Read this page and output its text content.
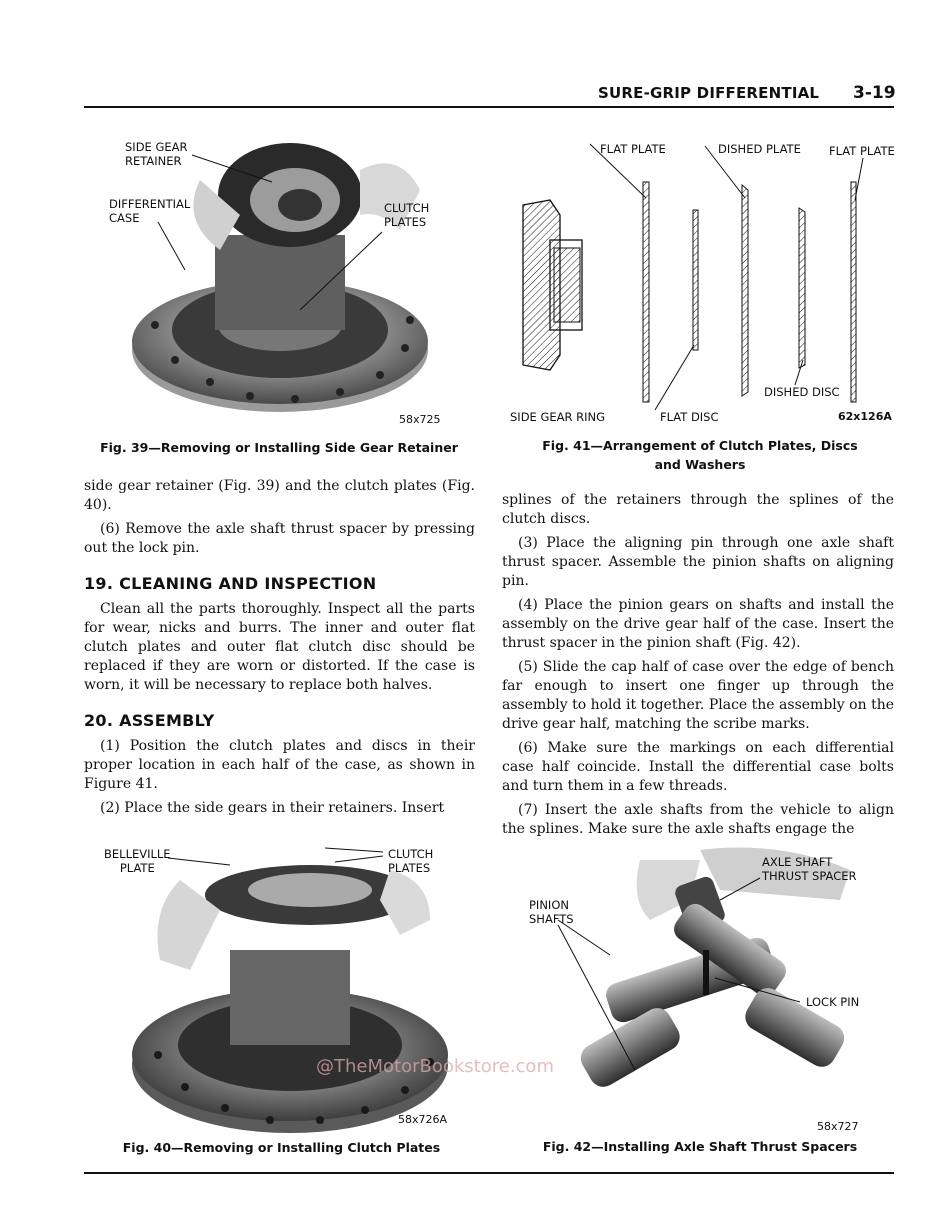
SURE-GRIP DIFFERENTIAL 3-19
SIDE GEAR
RETAINER
DIFFERENTIAL
CASE
CLUTCH
PLATES
58x725
Fig. 39—Removing or Installing Side Gear Retainer
FLAT PLATE	DISHED PLATE FLAT PLATE
DISHED DISC
SIDE GEAR RING	FLAT DISC	62x126A
Fig. 41—Arrangement of Clutch Plates, Discs
and Washers

side gear retainer (Fig. 39) and the clutch plates (Fig. 40).

(6) Remove the axle shaft thrust spacer by pressing out the lock pin.

19. CLEANING AND INSPECTION

Clean all the parts thoroughly. Inspect all the parts for wear, nicks and burrs. The inner and outer flat clutch plates and outer flat clutch disc should be replaced if they are worn or distorted. If the case is worn, it will be necessary to replace both halves.

20. ASSEMBLY

(1) Position the clutch plates and discs in their proper location in each half of the case, as shown in Figure 41.

(2) Place the side gears in their retainers. Insert

splines of the retainers through the splines of the clutch discs.

(3) Place the aligning pin through one axle shaft thrust spacer. Assemble the pinion shafts on aligning pin.

(4) Place the pinion gears on shafts and install the assembly on the drive gear half of the case. Insert the thrust spacer in the pinion shaft (Fig. 42).

(5) Slide the cap half of case over the edge of bench far enough to insert one finger up through the assembly to hold it together. Place the assembly on the drive gear half, matching the scribe marks.

(6) Make sure the markings on each differential case half coincide. Install the differential case bolts and turn them in a few threads.

(7) Insert the axle shafts from the vehicle to align the splines. Make sure the axle shafts engage the

BELLEVILLE
PLATE
CLUTCH
PLATES
58x726A
Fig. 40—Removing or Installing Clutch Plates
AXLE SHAFT
THRUST SPACER
PINION
SHAFTS
LOCK PIN
58x727
Fig. 42—Installing Axle Shaft Thrust Spacers
@TheMotorBookstore.com
